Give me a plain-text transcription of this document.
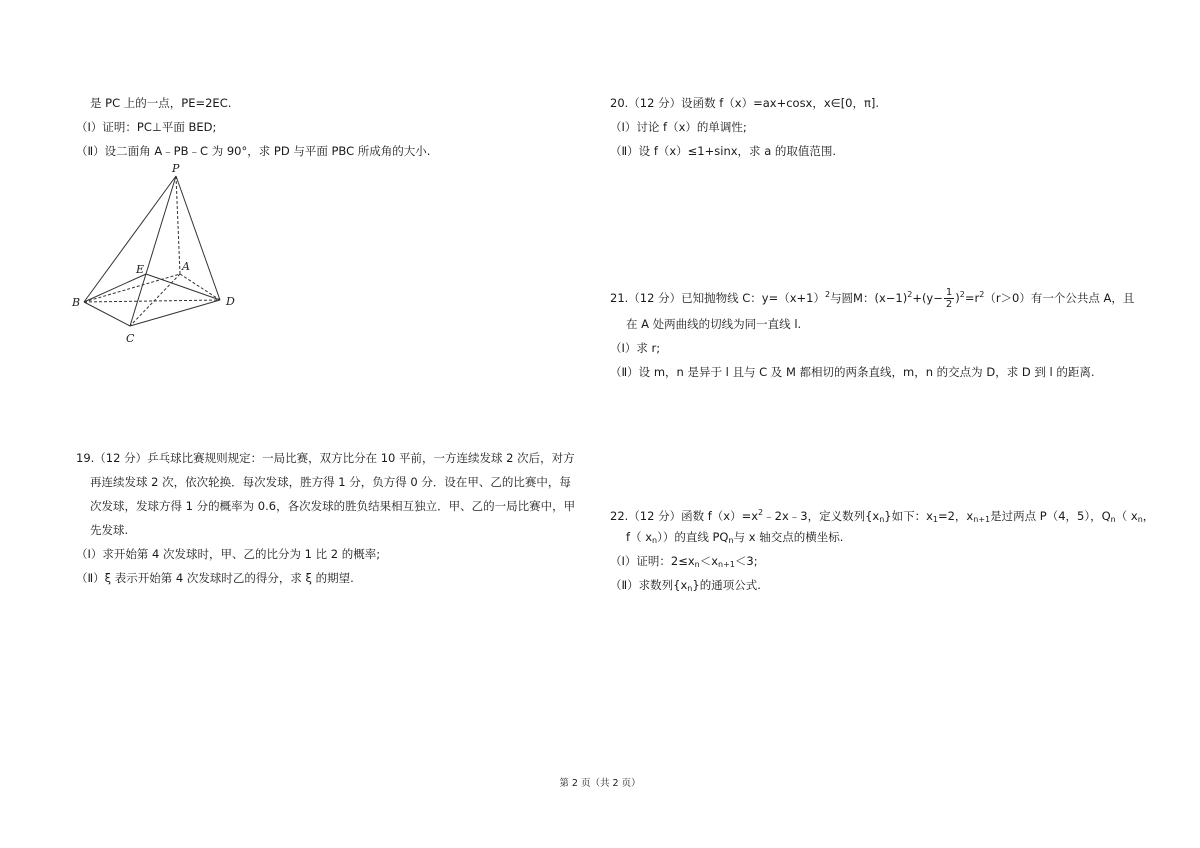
是 PC 上的一点，PE=2EC.
（Ⅰ）证明：PC⊥平面 BED;
（Ⅱ）设二面角 A﹣PB﹣C 为 90°，求 PD 与平面 PBC 所成角的大小.
P
E	A
B	D
C
19.（12 分）乒乓球比赛规则规定：一局比赛，双方比分在 10 平前，一方连续发球 2 次后，对方
再连续发球 2 次，依次轮换．每次发球，胜方得 1 分，负方得 0 分．设在甲、乙的比赛中，每
次发球，发球方得 1 分的概率为 0.6，各次发球的胜负结果相互独立．甲、乙的一局比赛中，甲
先发球.
（Ⅰ）求开始第 4 次发球时，甲、乙的比分为 1 比 2 的概率;
（Ⅱ）ξ 表示开始第 4 次发球时乙的得分，求 ξ 的期望.
20.（12 分）设函数 f（x）=ax+cosx，x∈[0，π].
（Ⅰ）讨论 f（x）的单调性;
（Ⅱ）设 f（x）≤1+sinx，求 a 的取值范围.
21.（12 分）已知抛物线 C：$y=(x+1)^2$与圆M：$(x-1)^2+(y- \frac{1}{2} )^2=r^2(r>0)$有一个公共点 A，且
在 A 处两曲线的切线为同一直线 l.
（Ⅰ）求 r;
（Ⅱ）设 m，n 是异于 l 且与 C 及 M 都相切的两条直线，m，n 的交点为 D，求 D 到 l 的距离.
22.（12 分）函数 $f(x)=x^2﹣2x﹣3$，定义数列$\{x_n\}$如下：$x_1=2$，$x_{n+1}$是过两点 P（4，5），$Q_n$（ $x_n$，
f（ $x_n$））的直线 $PQ_n$与 x 轴交点的横坐标.
（Ⅰ）证明：$2\le x_n<x_{n+1}<3$;
（Ⅱ）求数列$\{x_n\}$的通项公式.
第 2 页（共 2 页）
